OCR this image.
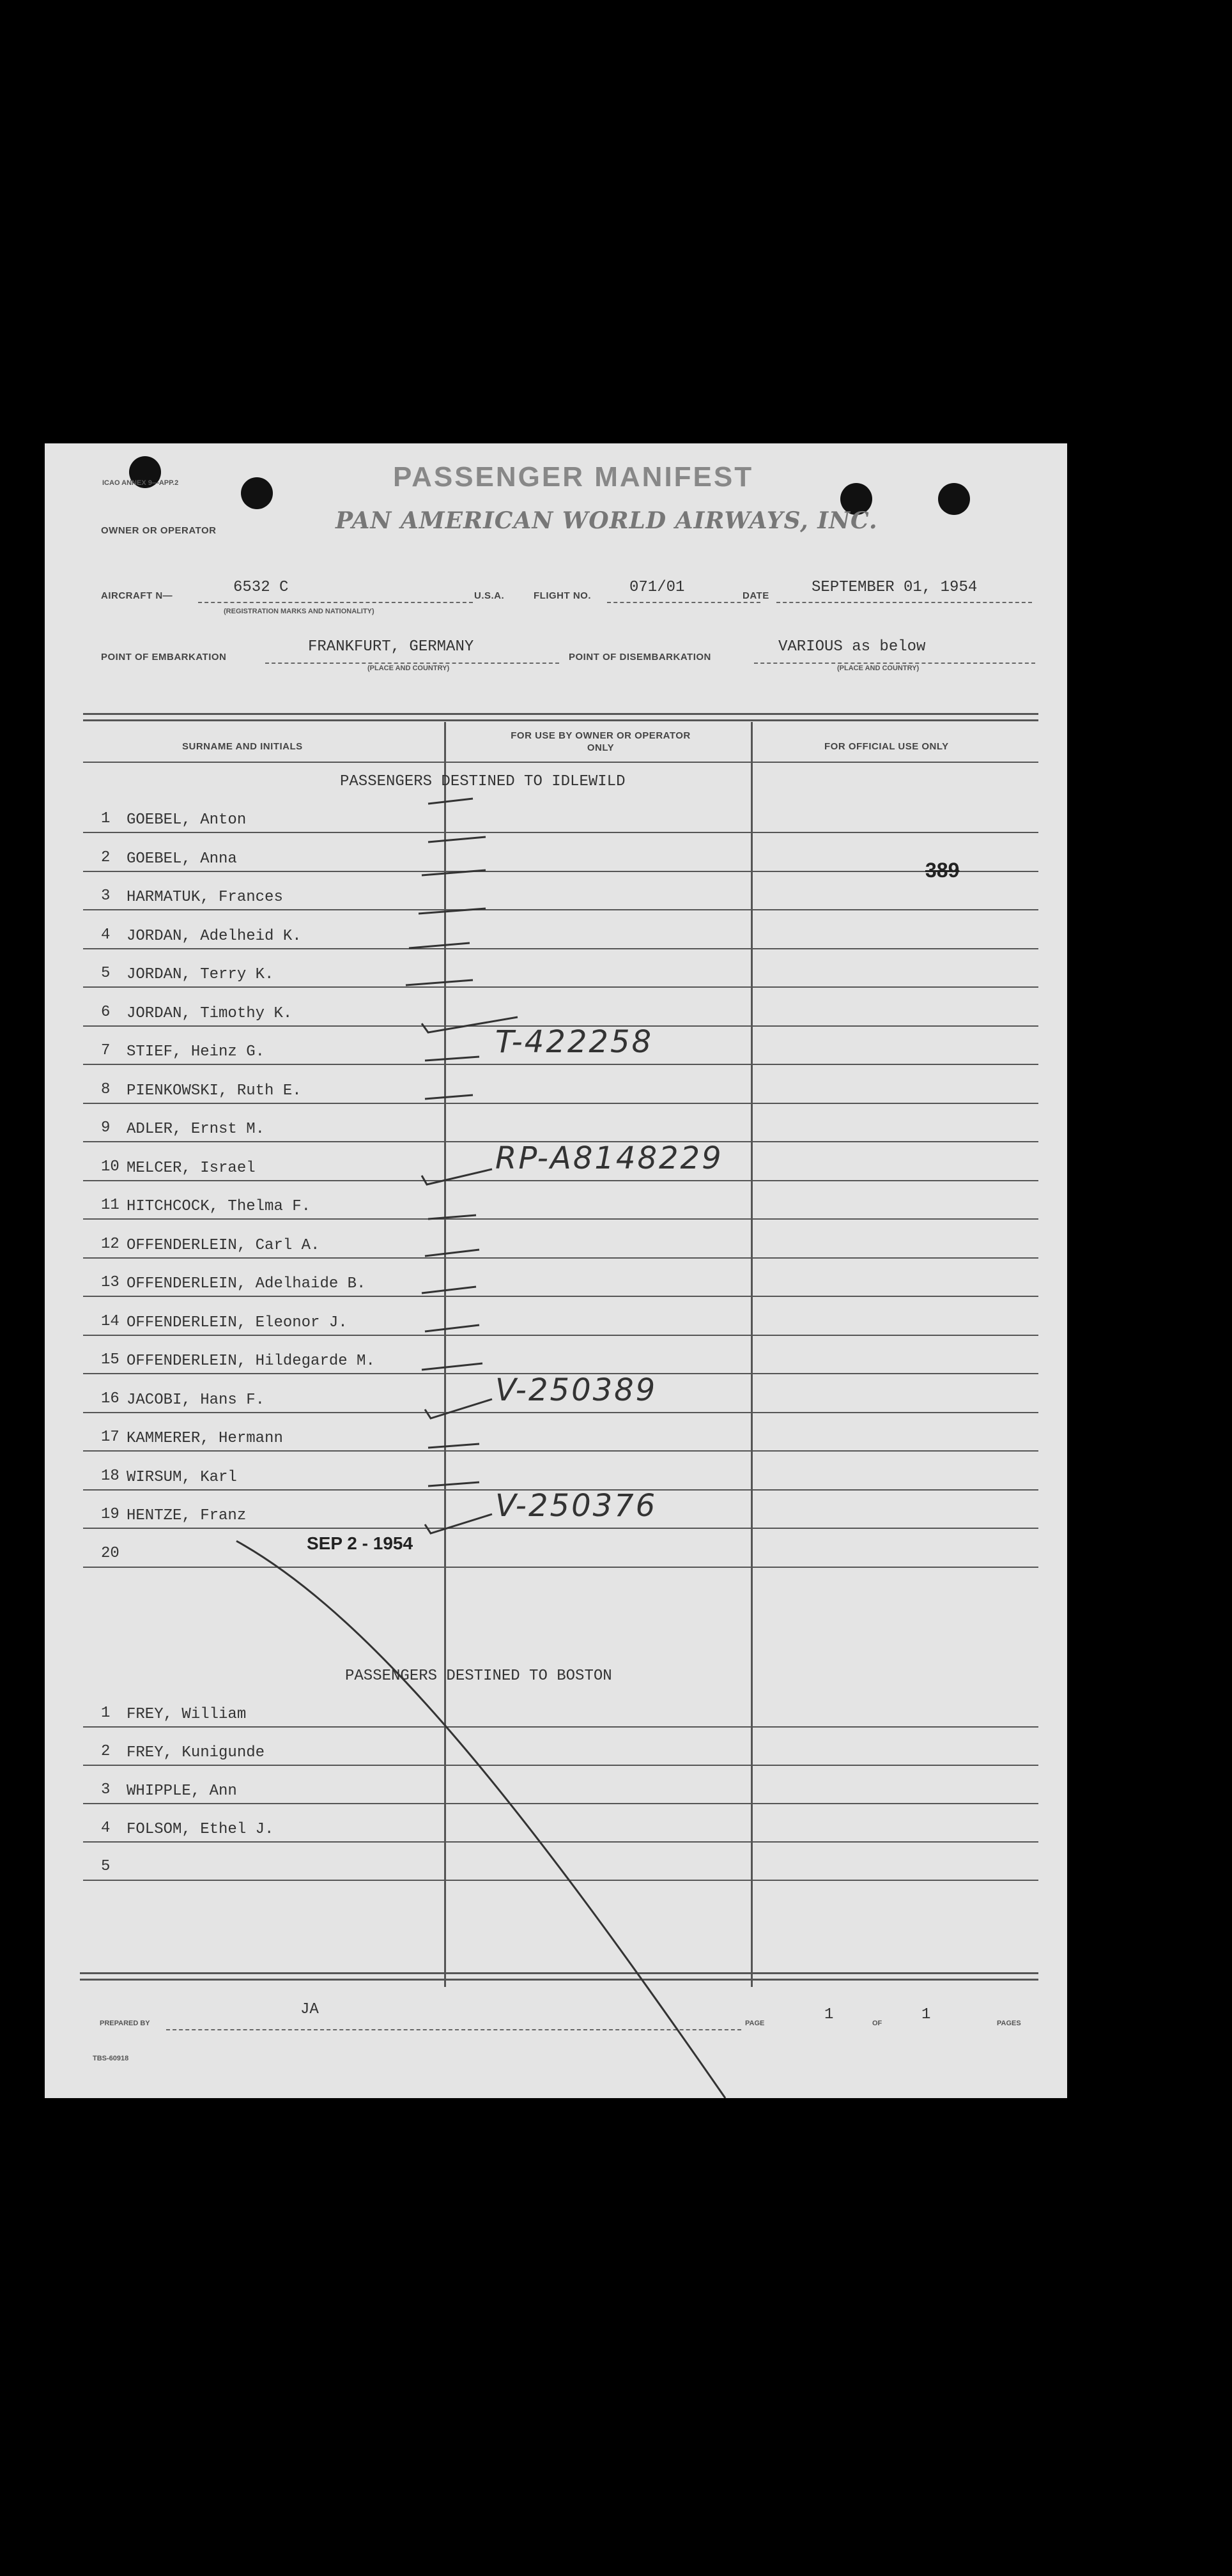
ICAO ANNEX 9—APP.2	PASSENGER MANIFEST
OWNER OR OPERATOR	PAN AMERICAN WORLD AIRWAYS, INC.
AIRCRAFT N—	6532 C
(REGISTRATION MARKS AND NATIONALITY)
U.S.A.	FLIGHT NO.	071/01	DATE	SEPTEMBER 01, 1954
POINT OF EMBARKATION
FRANKFURT, GERMANY
(PLACE AND COUNTRY)
POINT OF DISEMBARKATION
VARIOUS as below
(PLACE AND COUNTRY)
SURNAME AND INITIALS
FOR USE BY OWNER OR OPERATOR ONLY	FOR OFFICIAL USE ONLY
PASSENGERS DESTINED TO IDLEWILD
1 GOEBEL, Anton
2 GOEBEL, Anna
3 HARMATUK, Frances
4 JORDAN, Adelheid K.
5 JORDAN, Terry K.
6 JORDAN, Timothy K.
7 STIEF, Heinz G.	T-422258
8 PIENKOWSKI, Ruth E.
9 ADLER, Ernst M.
10 MELCER, Israel	RP-A8148229
11 HITCHCOCK, Thelma F.
12 OFFENDERLEIN, Carl A.
13 OFFENDERLEIN, Adelhaide B.
14 OFFENDERLEIN, Eleonor J.
15 OFFENDERLEIN, Hildegarde M.
16 JACOBI, Hans F.	V-250389
17 KAMMERER, Hermann
18 WIRSUM, Karl
19 HENTZE, Franz	V-250376
20
389
SEP 2 - 1954
PASSENGERS DESTINED TO BOSTON
1 FREY, William
2 FREY, Kunigunde
3 WHIPPLE, Ann
4 FOLSOM, Ethel J.
5
PREPARED BY
JA
PAGE	1	OF	1	PAGES
TBS-60918
